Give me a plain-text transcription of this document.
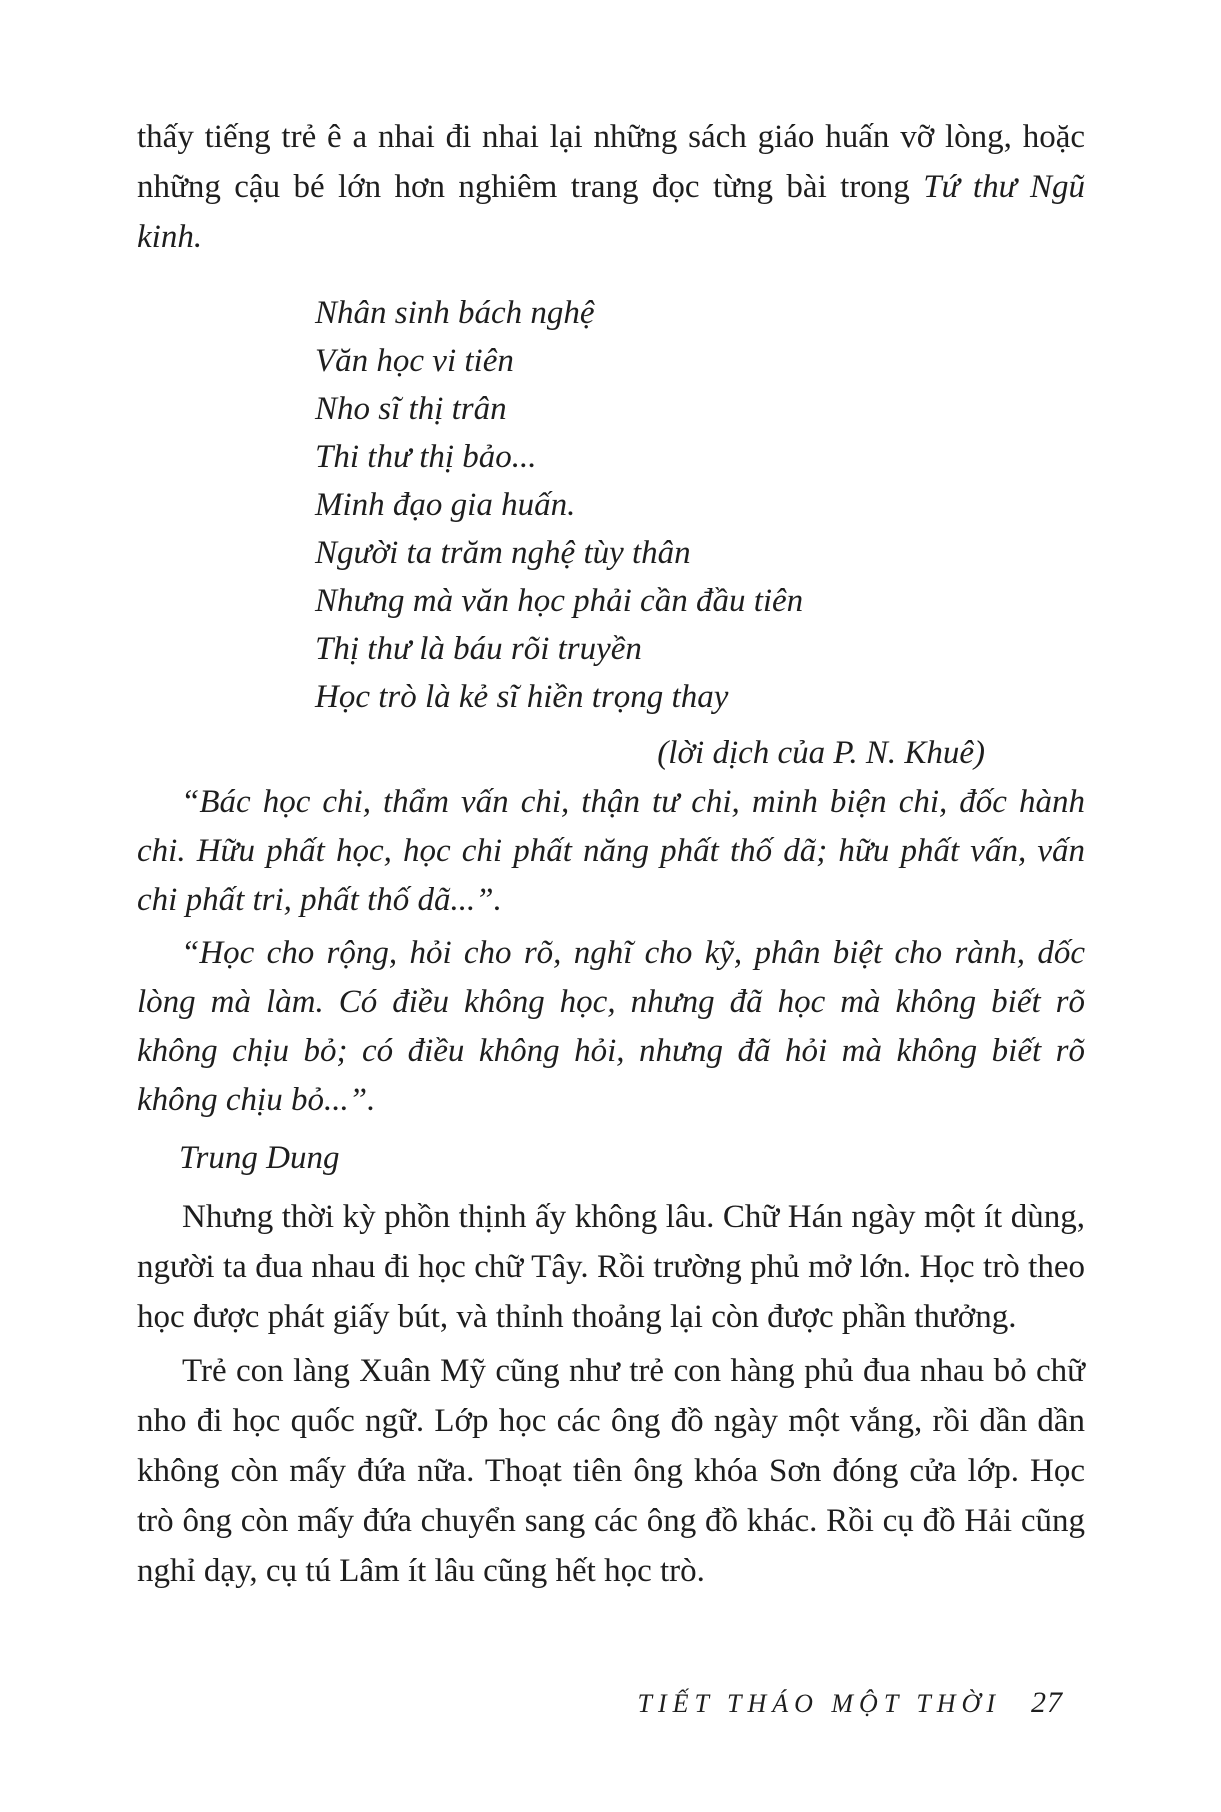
thấy tiếng trẻ ê a nhai đi nhai lại những sách giáo huấn vỡ lòng, hoặc những cậu bé lớn hơn nghiêm trang đọc từng bài trong Tứ thư Ngũ kinh.

Nhân sinh bách nghệ
Văn học vi tiên
Nho sĩ thị trân
Thi thư thị bảo...
Minh đạo gia huấn.
Người ta trăm nghệ tùy thân
Nhưng mà văn học phải cần đầu tiên
Thị thư là báu rõi truyền
Học trò là kẻ sĩ hiền trọng thay
(lời dịch của P. N. Khuê)

“Bác học chi, thẩm vấn chi, thận tư chi, minh biện chi, đốc hành chi. Hữu phất học, học chi phất năng phất thố dã; hữu phất vấn, vấn chi phất tri, phất thố dã...”.

“Học cho rộng, hỏi cho rõ, nghĩ cho kỹ, phân biệt cho rành, dốc lòng mà làm. Có điều không học, nhưng đã học mà không biết rõ không chịu bỏ; có điều không hỏi, nhưng đã hỏi mà không biết rõ không chịu bỏ...”.

Trung Dung

Nhưng thời kỳ phồn thịnh ấy không lâu. Chữ Hán ngày một ít dùng, người ta đua nhau đi học chữ Tây. Rồi trường phủ mở lớn. Học trò theo học được phát giấy bút, và thỉnh thoảng lại còn được phần thưởng.

Trẻ con làng Xuân Mỹ cũng như trẻ con hàng phủ đua nhau bỏ chữ nho đi học quốc ngữ. Lớp học các ông đồ ngày một vắng, rồi dần dần không còn mấy đứa nữa. Thoạt tiên ông khóa Sơn đóng cửa lớp. Học trò ông còn mấy đứa chuyển sang các ông đồ khác. Rồi cụ đồ Hải cũng nghỉ dạy, cụ tú Lâm ít lâu cũng hết học trò.

TIẾT THÁO MỘT THỜI 27
